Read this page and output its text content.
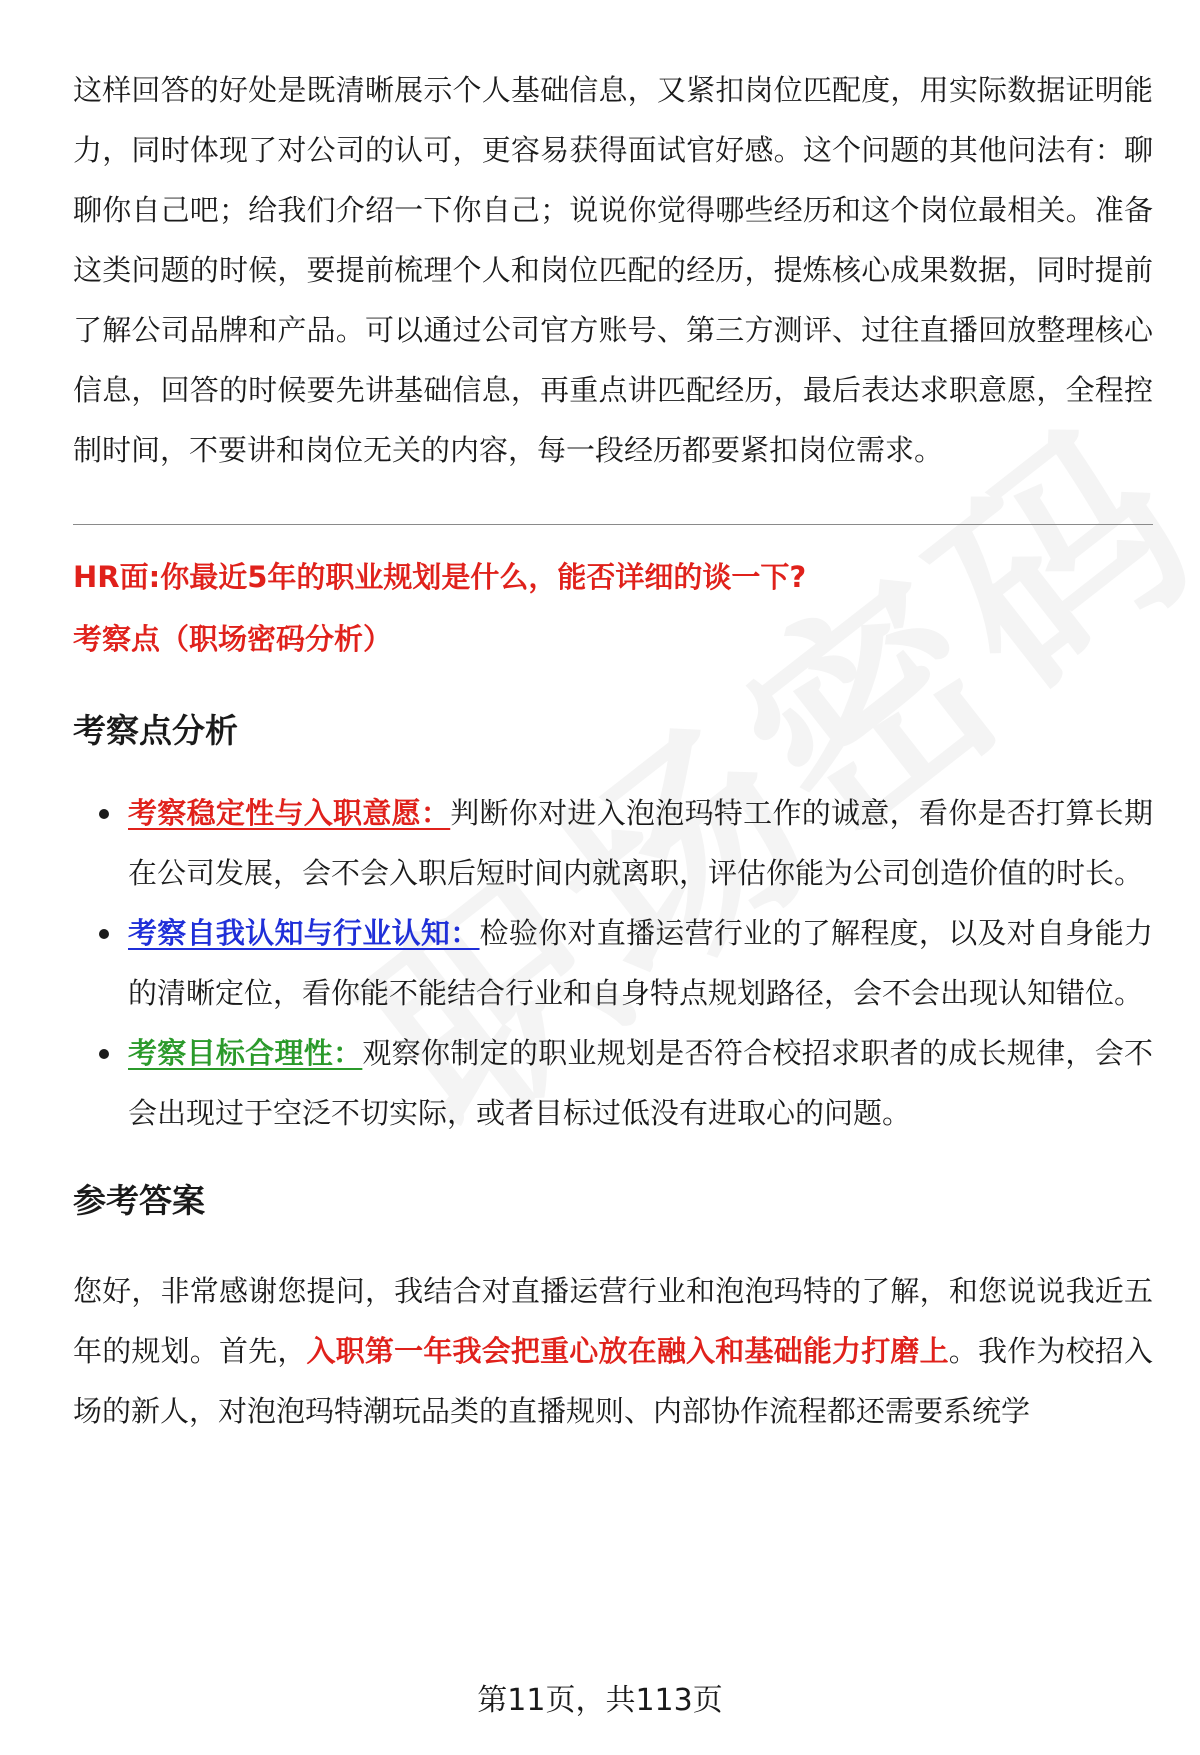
这样回答的好处是既清晰展示个人基础信息，又紧扣岗位匹配度，用实际数据证明能力，同时体现了对公司的认可，更容易获得面试官好感。这个问题的其他问法有：聊聊你自己吧；给我们介绍一下你自己；说说你觉得哪些经历和这个岗位最相关。准备这类问题的时候，要提前梳理个人和岗位匹配的经历，提炼核心成果数据，同时提前了解公司品牌和产品。可以通过公司官方账号、第三方测评、过往直播回放整理核心信息，回答的时候要先讲基础信息，再重点讲匹配经历，最后表达求职意愿，全程控制时间，不要讲和岗位无关的内容，每一段经历都要紧扣岗位需求。

HR面:你最近5年的职业规划是什么，能否详细的谈一下?
考察点（职场密码分析）
考察点分析
考察稳定性与入职意愿：判断你对进入泡泡玛特工作的诚意，看你是否打算长期在公司发展，会不会入职后短时间内就离职，评估你能为公司创造价值的时长。
考察自我认知与行业认知：检验你对直播运营行业的了解程度，以及对自身能力的清晰定位，看你能不能结合行业和自身特点规划路径，会不会出现认知错位。
考察目标合理性：观察你制定的职业规划是否符合校招求职者的成长规律，会不会出现过于空泛不切实际，或者目标过低没有进取心的问题。
参考答案

您好，非常感谢您提问，我结合对直播运营行业和泡泡玛特的了解，和您说说我近五年的规划。首先，入职第一年我会把重心放在融入和基础能力打磨上。我作为校招入场的新人，对泡泡玛特潮玩品类的直播规则、内部协作流程都还需要系统学

第11页，共113页
